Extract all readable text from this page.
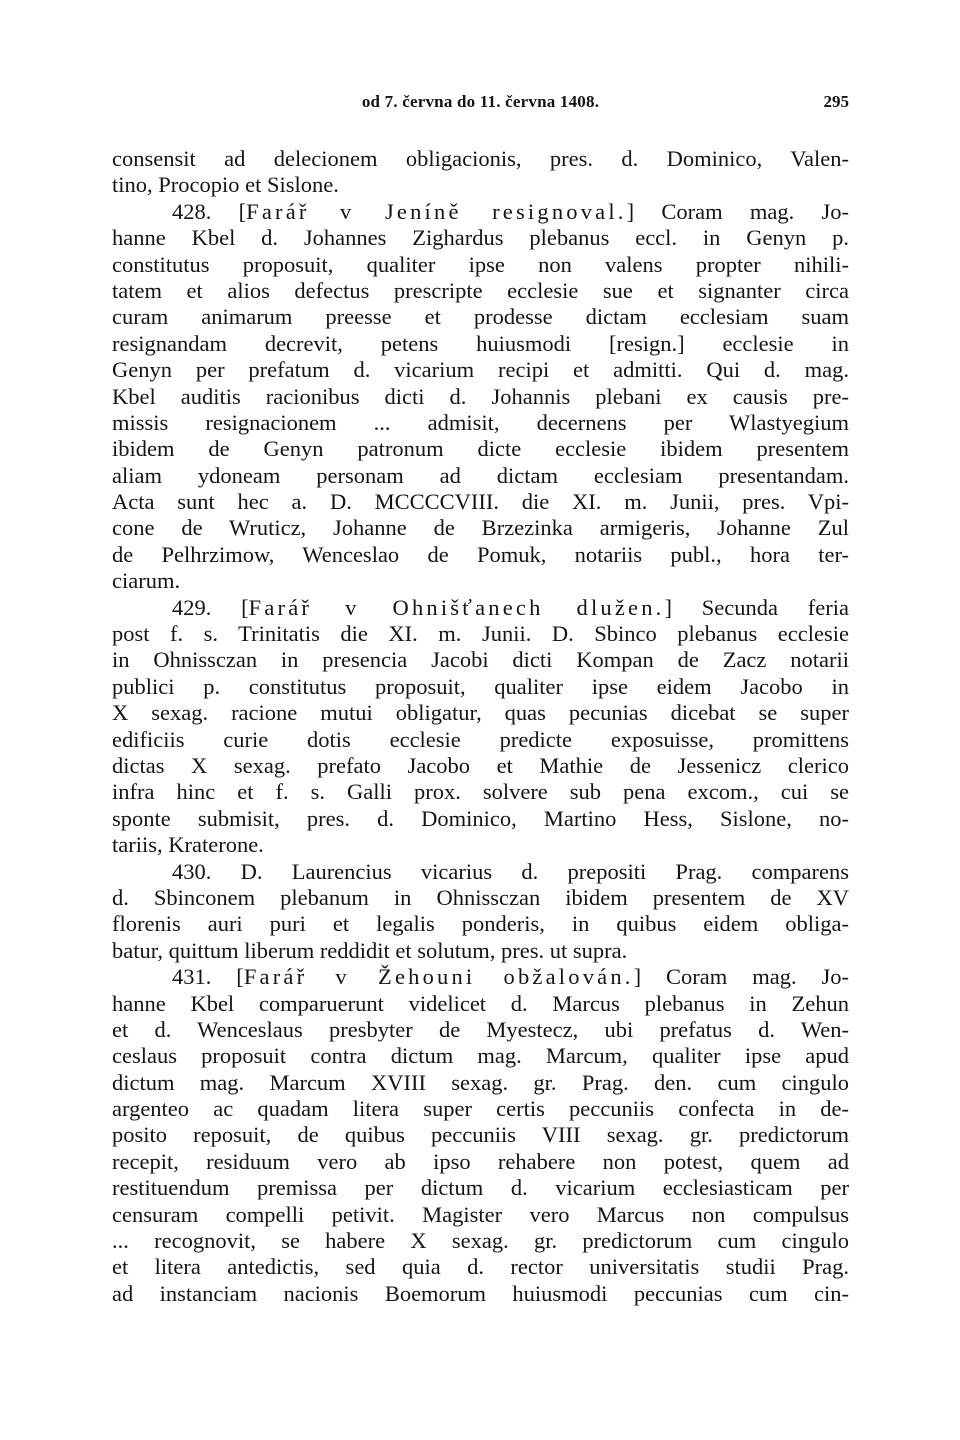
od 7. června do 11. června 1408.	295
consensit ad delecionem obligacionis, pres. d. Dominico, Valen-
tino, Procopio et Sislone.
428. [Farář v Jeníně resignoval.] Coram mag. Jo-
hanne Kbel d. Johannes Zighardus plebanus eccl. in Genyn p.
constitutus proposuit, qualiter ipse non valens propter nihili-
tatem et alios defectus prescripte ecclesie sue et signanter circa
curam animarum preesse et prodesse dictam ecclesiam suam
resignandam decrevit, petens huiusmodi [resign.] ecclesie in
Genyn per prefatum d. vicarium recipi et admitti. Qui d. mag.
Kbel auditis racionibus dicti d. Johannis plebani ex causis pre-
missis resignacionem ... admisit, decernens per Wlastyegium
ibidem de Genyn patronum dicte ecclesie ibidem presentem
aliam ydoneam personam ad dictam ecclesiam presentandam.
Acta sunt hec a. D. MCCCCVIII. die XI. m. Junii, pres. Vpi-
cone de Wruticz, Johanne de Brzezinka armigeris, Johanne Zul
de Pelhrzimow, Wenceslao de Pomuk, notariis publ., hora ter-
ciarum.
429. [Farář v Ohnišťanech dlužen.] Secunda feria
post f. s. Trinitatis die XI. m. Junii. D. Sbinco plebanus ecclesie
in Ohnissczan in presencia Jacobi dicti Kompan de Zacz notarii
publici p. constitutus proposuit, qualiter ipse eidem Jacobo in
X sexag. racione mutui obligatur, quas pecunias dicebat se super
edificiis curie dotis ecclesie predicte exposuisse, promittens
dictas X sexag. prefato Jacobo et Mathie de Jessenicz clerico
infra hinc et f. s. Galli prox. solvere sub pena excom., cui se
sponte submisit, pres. d. Dominico, Martino Hess, Sislone, no-
tariis, Kraterone.
430. D. Laurencius vicarius d. prepositi Prag. comparens
d. Sbinconem plebanum in Ohnissczan ibidem presentem de XV
florenis auri puri et legalis ponderis, in quibus eidem obliga-
batur, quittum liberum reddidit et solutum, pres. ut supra.
431. [Farář v Žehouni obžalován.] Coram mag. Jo-
hanne Kbel comparuerunt videlicet d. Marcus plebanus in Zehun
et d. Wenceslaus presbyter de Myestecz, ubi prefatus d. Wen-
ceslaus proposuit contra dictum mag. Marcum, qualiter ipse apud
dictum mag. Marcum XVIII sexag. gr. Prag. den. cum cingulo
argenteo ac quadam litera super certis peccuniis confecta in de-
posito reposuit, de quibus peccuniis VIII sexag. gr. predictorum
recepit, residuum vero ab ipso rehabere non potest, quem ad
restituendum premissa per dictum d. vicarium ecclesiasticam per
censuram compelli petivit. Magister vero Marcus non compulsus
... recognovit, se habere X sexag. gr. predictorum cum cingulo
et litera antedictis, sed quia d. rector universitatis studii Prag.
ad instanciam nacionis Boemorum huiusmodi peccunias cum cin-
